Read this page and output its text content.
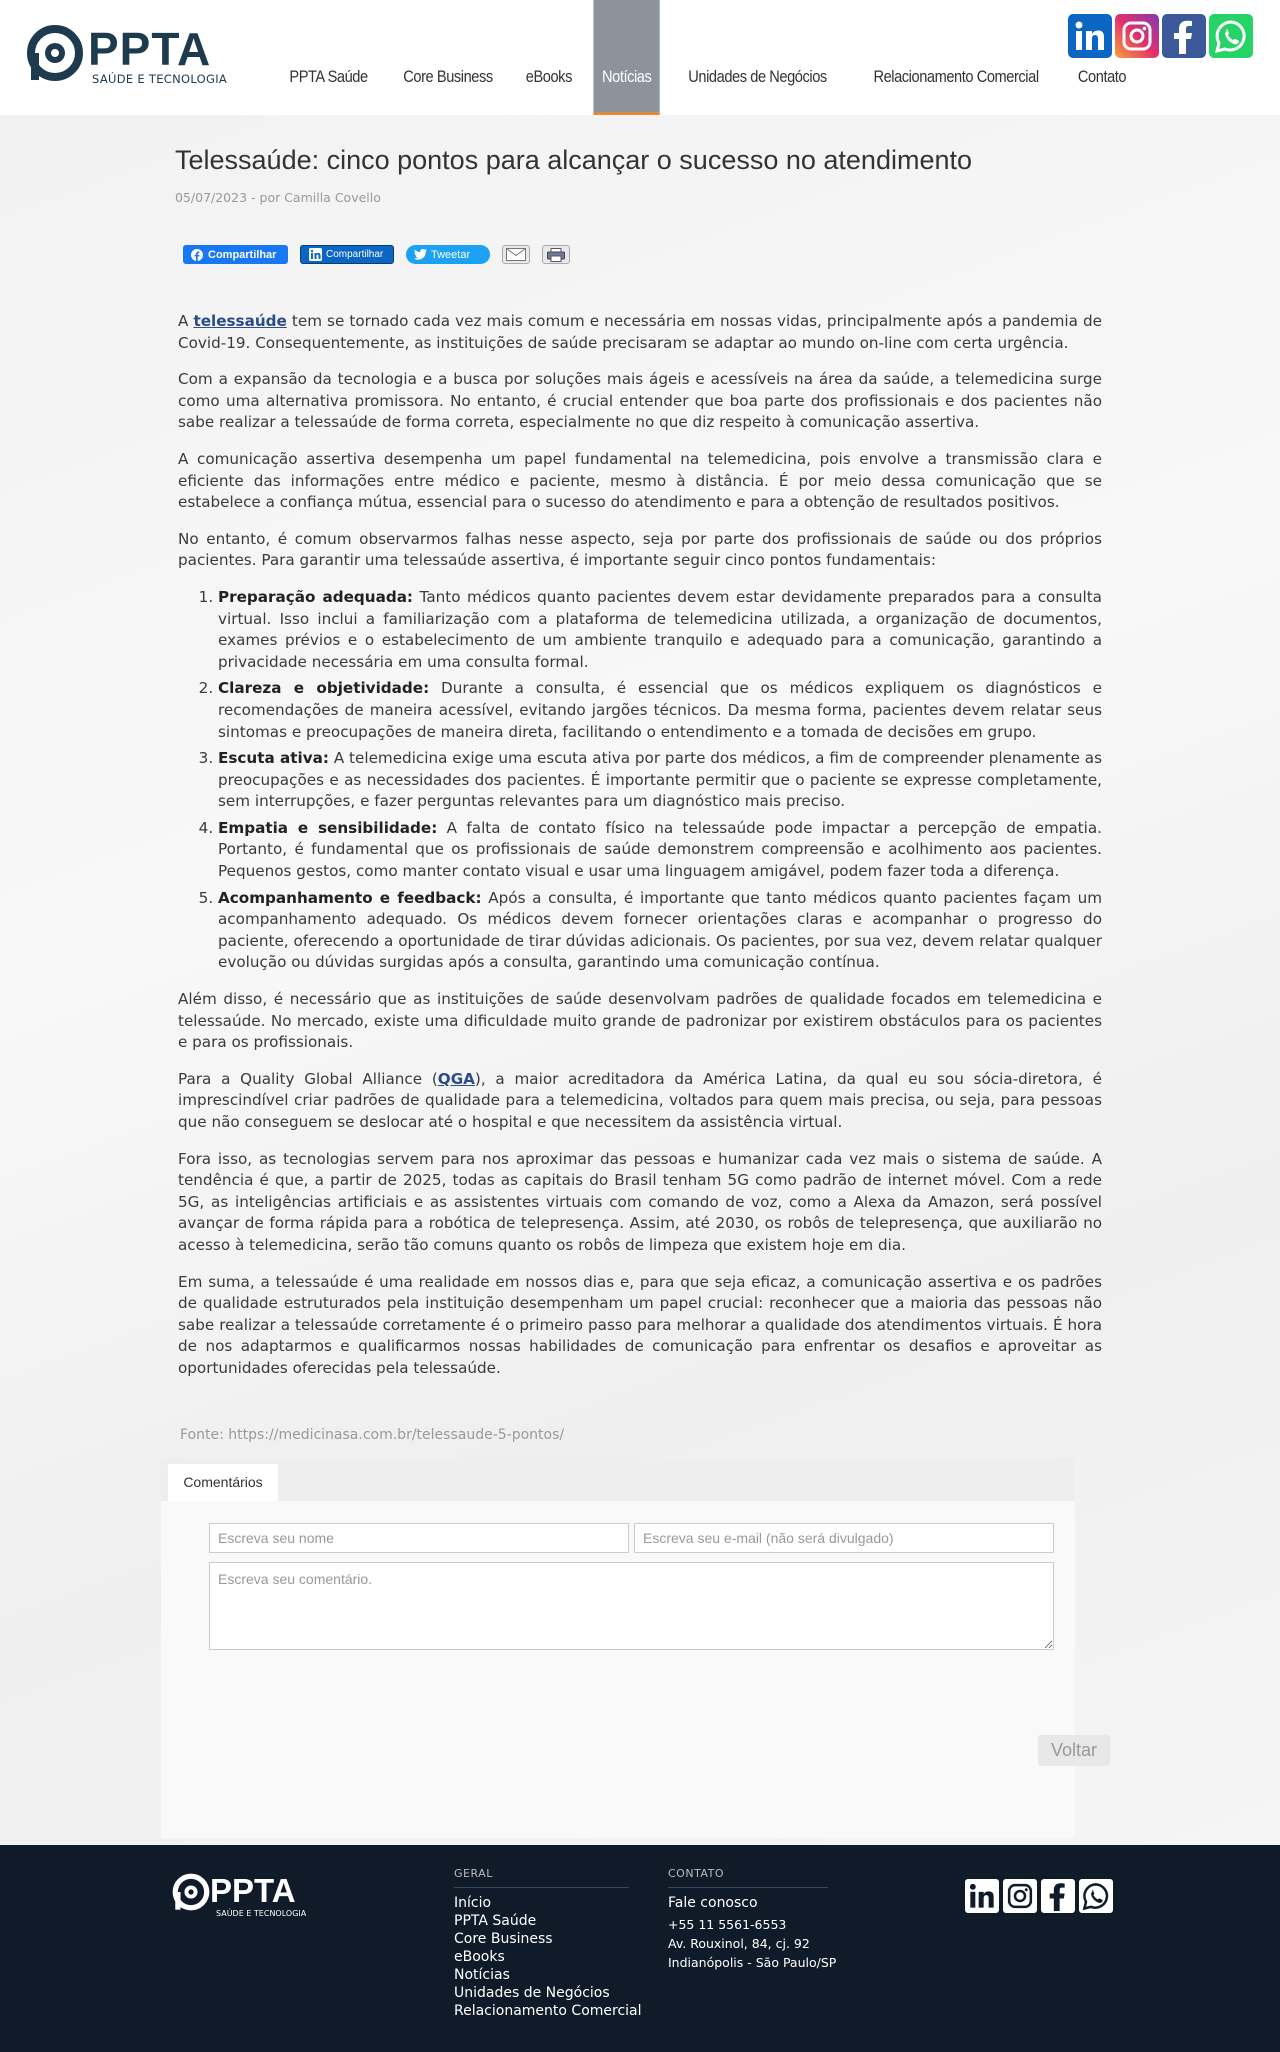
PPTA
SAÚDE E TECNOLOGIA	PPTA Saúde	Core Business	eBooks	Notícias	Unidades de Negócios	Relacionamento Comercial	Contato
Telessaúde: cinco pontos para alcançar o sucesso no atendimento
05/07/2023 - por Camilla Covello
Compartilhar	Compartilhar	Tweetar

A telessaúde tem se tornado cada vez mais comum e necessária em nossas vidas, principalmente após a pandemia de Covid-19. Consequentemente, as instituições de saúde precisaram se adaptar ao mundo on-line com certa urgência.

Com a expansão da tecnologia e a busca por soluções mais ágeis e acessíveis na área da saúde, a telemedicina surge como uma alternativa promissora. No entanto, é crucial entender que boa parte dos profissionais e dos pacientes não sabe realizar a telessaúde de forma correta, especialmente no que diz respeito à comunicação assertiva.

A comunicação assertiva desempenha um papel fundamental na telemedicina, pois envolve a transmissão clara e eficiente das informações entre médico e paciente, mesmo à distância. É por meio dessa comunicação que se estabelece a confiança mútua, essencial para o sucesso do atendimento e para a obtenção de resultados positivos.

No entanto, é comum observarmos falhas nesse aspecto, seja por parte dos profissionais de saúde ou dos próprios pacientes. Para garantir uma telessaúde assertiva, é importante seguir cinco pontos fundamentais:

1. Preparação adequada: Tanto médicos quanto pacientes devem estar devidamente preparados para a consulta virtual. Isso inclui a familiarização com a plataforma de telemedicina utilizada, a organização de documentos, exames prévios e o estabelecimento de um ambiente tranquilo e adequado para a comunicação, garantindo a privacidade necessária em uma consulta formal.
2. Clareza e objetividade: Durante a consulta, é essencial que os médicos expliquem os diagnósticos e recomendações de maneira acessível, evitando jargões técnicos. Da mesma forma, pacientes devem relatar seus sintomas e preocupações de maneira direta, facilitando o entendimento e a tomada de decisões em grupo.
3. Escuta ativa: A telemedicina exige uma escuta ativa por parte dos médicos, a fim de compreender plenamente as preocupações e as necessidades dos pacientes. É importante permitir que o paciente se expresse completamente, sem interrupções, e fazer perguntas relevantes para um diagnóstico mais preciso.
4. Empatia e sensibilidade: A falta de contato físico na telessaúde pode impactar a percepção de empatia. Portanto, é fundamental que os profissionais de saúde demonstrem compreensão e acolhimento aos pacientes. Pequenos gestos, como manter contato visual e usar uma linguagem amigável, podem fazer toda a diferença.
5. Acompanhamento e feedback: Após a consulta, é importante que tanto médicos quanto pacientes façam um acompanhamento adequado. Os médicos devem fornecer orientações claras e acompanhar o progresso do paciente, oferecendo a oportunidade de tirar dúvidas adicionais. Os pacientes, por sua vez, devem relatar qualquer evolução ou dúvidas surgidas após a consulta, garantindo uma comunicação contínua.

Além disso, é necessário que as instituições de saúde desenvolvam padrões de qualidade focados em telemedicina e telessaúde. No mercado, existe uma dificuldade muito grande de padronizar por existirem obstáculos para os pacientes e para os profissionais.

Para a Quality Global Alliance (QGA), a maior acreditadora da América Latina, da qual eu sou sócia-diretora, é imprescindível criar padrões de qualidade para a telemedicina, voltados para quem mais precisa, ou seja, para pessoas que não conseguem se deslocar até o hospital e que necessitem da assistência virtual.

Fora isso, as tecnologias servem para nos aproximar das pessoas e humanizar cada vez mais o sistema de saúde. A tendência é que, a partir de 2025, todas as capitais do Brasil tenham 5G como padrão de internet móvel. Com a rede 5G, as inteligências artificiais e as assistentes virtuais com comando de voz, como a Alexa da Amazon, será possível avançar de forma rápida para a robótica de telepresença. Assim, até 2030, os robôs de telepresença, que auxiliarão no acesso à telemedicina, serão tão comuns quanto os robôs de limpeza que existem hoje em dia.

Em suma, a telessaúde é uma realidade em nossos dias e, para que seja eficaz, a comunicação assertiva e os padrões de qualidade estruturados pela instituição desempenham um papel crucial: reconhecer que a maioria das pessoas não sabe realizar a telessaúde corretamente é o primeiro passo para melhorar a qualidade dos atendimentos virtuais. É hora de nos adaptarmos e qualificarmos nossas habilidades de comunicação para enfrentar os desafios e aproveitar as oportunidades oferecidas pela telessaúde.

Fonte: https://medicinasa.com.br/telessaude-5-pontos/
Comentários
Escreva seu nome
Escreva seu e-mail (não será divulgado)
Escreva seu comentário.
Voltar
PPTA
SAÚDE E TECNOLOGIA
GERAL
Início
PPTA Saúde
Core Business
eBooks
Notícias
Unidades de Negócios
Relacionamento Comercial
CONTATO
Fale conosco
+55 11 5561-6553
Av. Rouxinol, 84, cj. 92
Indianópolis - São Paulo/SP
